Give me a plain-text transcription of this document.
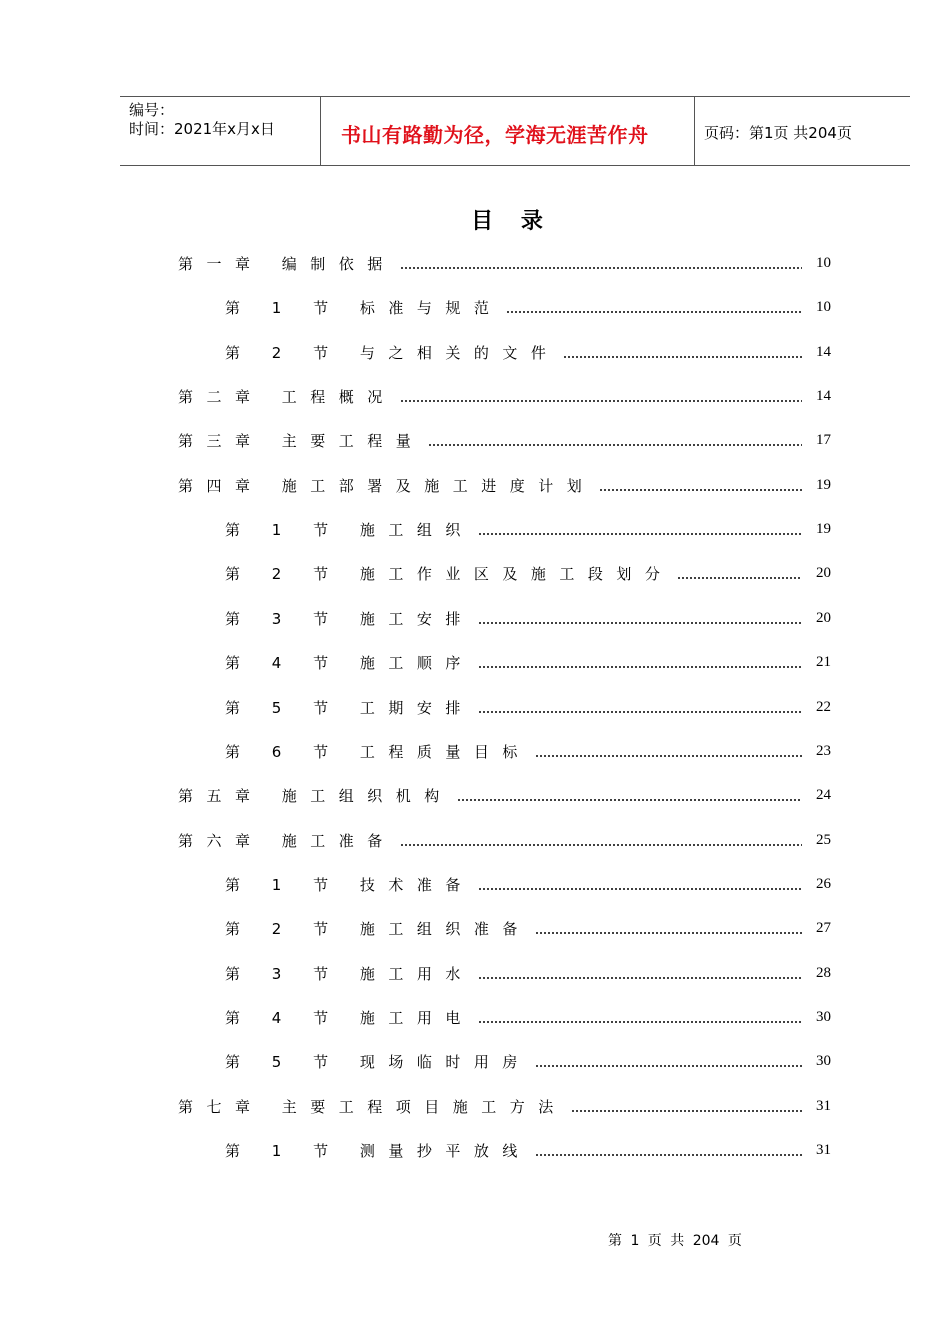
编号：
时间：2021年x月x日	书山有路勤为径，学海无涯苦作舟	页码：第1页 共204页
目 录
第一章 编制依据	10
第 1 节 标准与规范	10
第 2 节 与之相关的文件	14
第二章 工程概况	14
第三章 主要工程量	17
第四章 施工部署及施工进度计划	19
第 1 节 施工组织	19
第 2 节 施工作业区及施工段划分	20
第 3 节 施工安排	20
第 4 节 施工顺序	21
第 5 节 工期安排	22
第 6 节 工程质量目标	23
第五章 施工组织机构	24
第六章 施工准备	25
第 1 节 技术准备	26
第 2 节 施工组织准备	27
第 3 节 施工用水	28
第 4 节 施工用电	30
第 5 节 现场临时用房	30
第七章 主要工程项目施工方法	31
第 1 节 测量抄平放线	31
第 1 页 共 204 页
